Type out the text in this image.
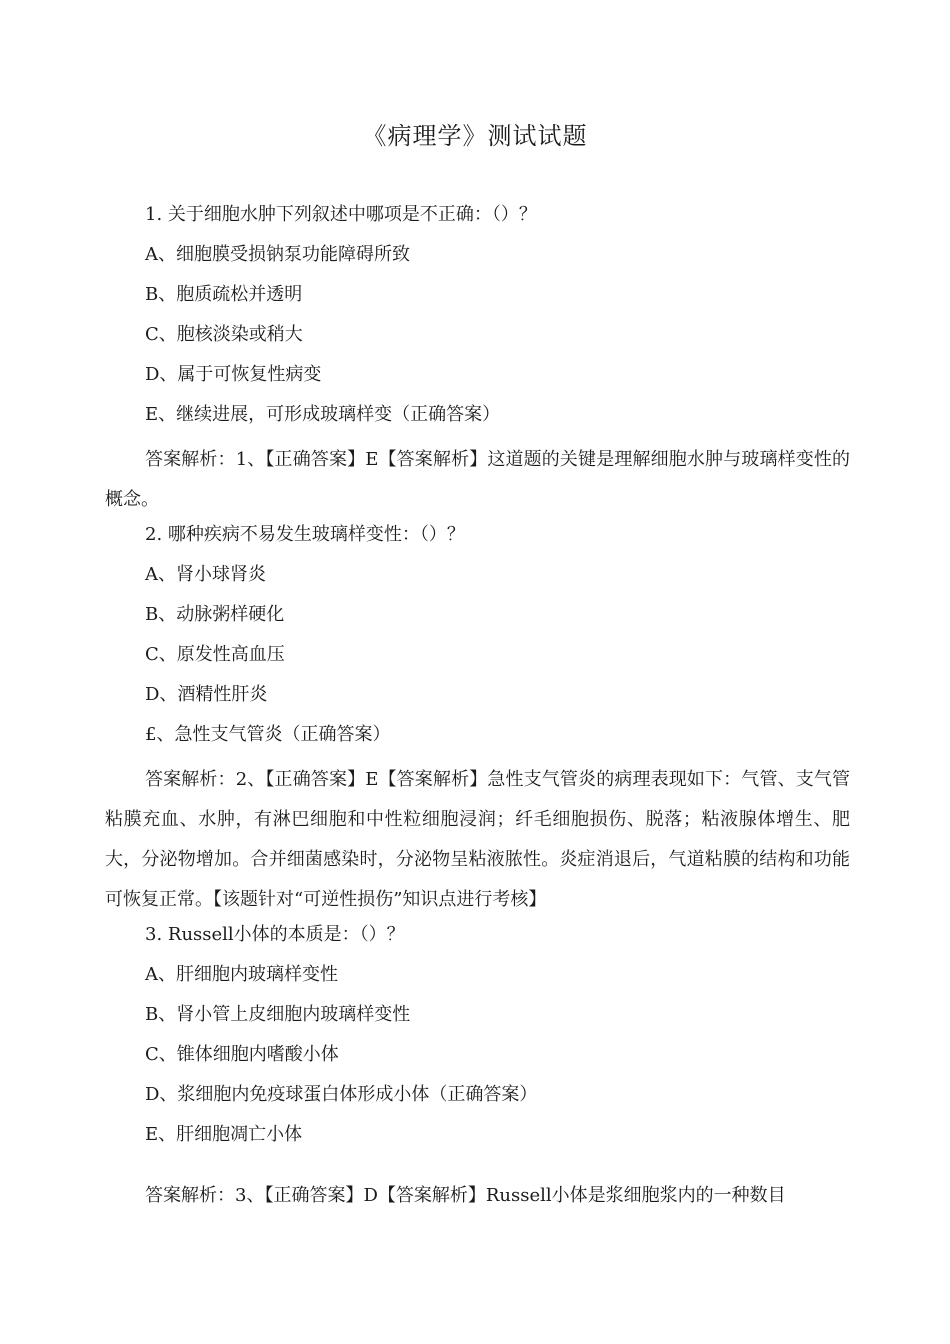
《病理学》测试试题
1. 关于细胞水肿下列叙述中哪项是不正确：（）？
A、细胞膜受损钠泵功能障碍所致
B、胞质疏松并透明
C、胞核淡染或稍大
D、属于可恢复性病变
E、继续进展，可形成玻璃样变（正确答案）
答案解析：1、【正确答案】E【答案解析】这道题的关键是理解细胞水肿与玻璃样变性的概念。
2. 哪种疾病不易发生玻璃样变性：（）？
A、肾小球肾炎
B、动脉粥样硬化
C、原发性高血压
D、酒精性肝炎
£、急性支气管炎（正确答案）
答案解析：2、【正确答案】E【答案解析】急性支气管炎的病理表现如下：气管、支气管粘膜充血、水肿，有淋巴细胞和中性粒细胞浸润；纤毛细胞损伤、脱落；粘液腺体增生、肥大，分泌物增加。合并细菌感染时，分泌物呈粘液脓性。炎症消退后，气道粘膜的结构和功能可恢复正常。【该题针对“可逆性损伤”知识点进行考核】
3. Russell小体的本质是：（）？
A、肝细胞内玻璃样变性
B、肾小管上皮细胞内玻璃样变性
C、锥体细胞内嗜酸小体
D、浆细胞内免疫球蛋白体形成小体（正确答案）
E、肝细胞凋亡小体
答案解析：3、【正确答案】D【答案解析】Russell小体是浆细胞浆内的一种数目
